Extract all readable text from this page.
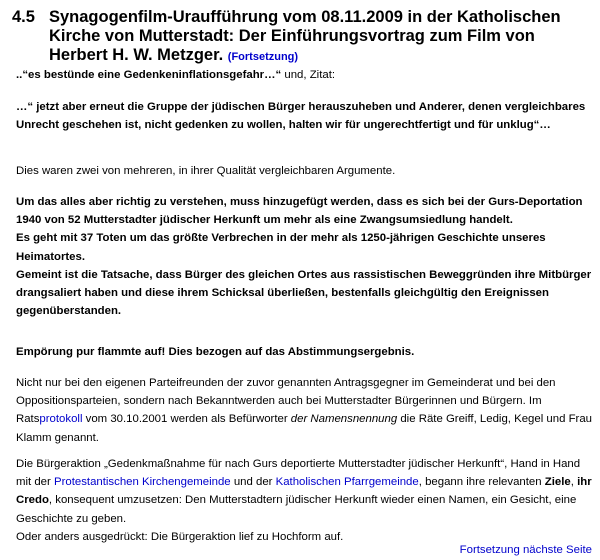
4.5 Synagogenfilm-Uraufführung vom 08.11.2009 in der Katholischen Kirche von Mutterstadt: Der Einführungsvortrag zum Film von Herbert H. W. Metzger. (Fortsetzung)

..“es bestünde eine Gedenkeninflationsgefahr…“ und, Zitat:

…“ jetzt aber erneut die Gruppe der jüdischen Bürger herauszuheben und Anderer, denen vergleichbares Unrecht geschehen ist, nicht gedenken zu wollen, halten wir für ungerechtfertigt und für unklug“…

Dies waren zwei von mehreren, in ihrer Qualität vergleichbaren Argumente.

Um das alles aber richtig zu verstehen, muss hinzugefügt werden, dass es sich bei der Gurs-Deportation 1940 von 52 Mutterstadter jüdischer Herkunft um mehr als eine Zwangsumsiedlung handelt.
Es geht mit 37 Toten um das größte Verbrechen in der mehr als 1250-jährigen Geschichte unseres Heimatortes.
Gemeint ist die Tatsache, dass Bürger des gleichen Ortes aus rassistischen Beweggründen ihre Mitbürger drangsaliert haben und diese ihrem Schicksal überließen, bestenfalls gleichgültig den Ereignissen gegenüberstanden.

Empörung pur flammte auf! Dies bezogen auf das Abstimmungsergebnis.

Nicht nur bei den eigenen Parteifreunden der zuvor genannten Antragsgegner im Gemeinderat und bei den Oppositionsparteien, sondern nach Bekanntwerden auch bei Mutterstadter Bürgerinnen und Bürgern. Im Ratsprotokoll vom 30.10.2001 werden als Befürworter der Namensnennung die Räte Greiff, Ledig, Kegel und Frau Klamm genannt.

Die Bürgeraktion „Gedenkmaßnahme für nach Gurs deportierte Mutterstadter jüdischer Herkunft“, Hand in Hand mit der Protestantischen Kirchengemeinde und der Katholischen Pfarrgemeinde, begann ihre relevanten Ziele, ihr Credo, konsequent umzusetzen: Den Mutterstadtern jüdischer Herkunft wieder einen Namen, ein Gesicht, eine Geschichte zu geben.
Oder anders ausgedrückt: Die Bürgeraktion lief zu Hochform auf.
Fortsetzung nächste Seite
